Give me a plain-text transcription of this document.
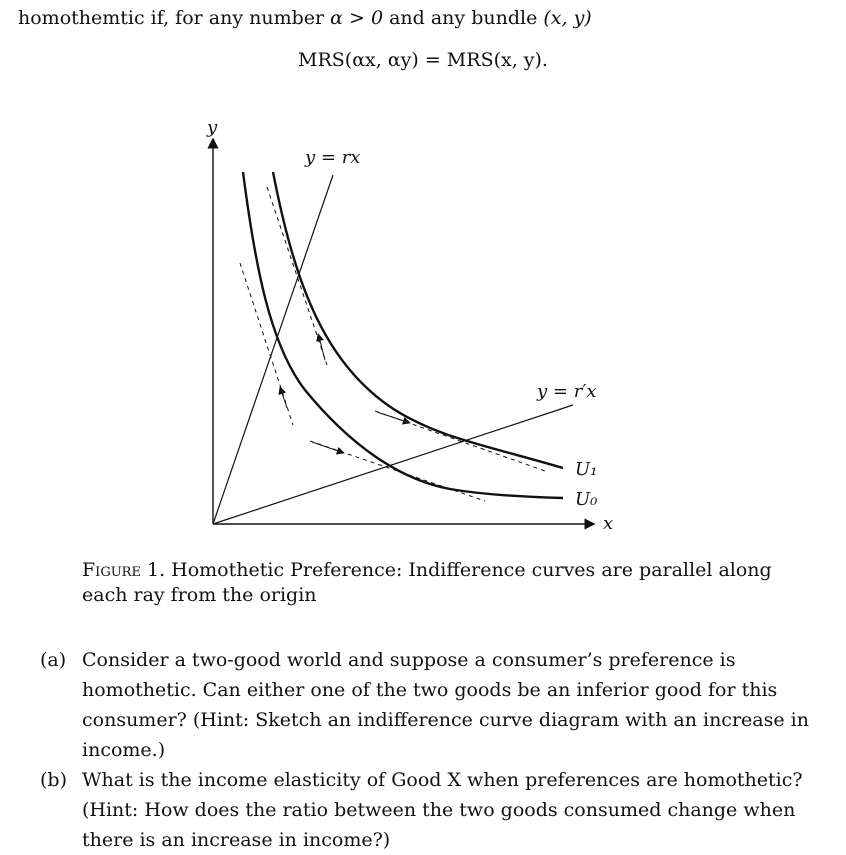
homothemtic if, for any number α > 0 and any bundle (x, y)
MRS(αx, αy) = MRS(x, y).
y
x
y = rx
y = r′x
U₁
U₀
Figure 1. Homothetic Preference: Indifference curves are parallel along each ray from the origin
(a) Consider a two-good world and suppose a consumer’s preference is homothetic. Can either one of the two goods be an inferior good for this consumer? (Hint: Sketch an indifference curve diagram with an increase in income.)
(b) What is the income elasticity of Good X when preferences are homothetic? (Hint: How does the ratio between the two goods consumed change when there is an increase in income?)
